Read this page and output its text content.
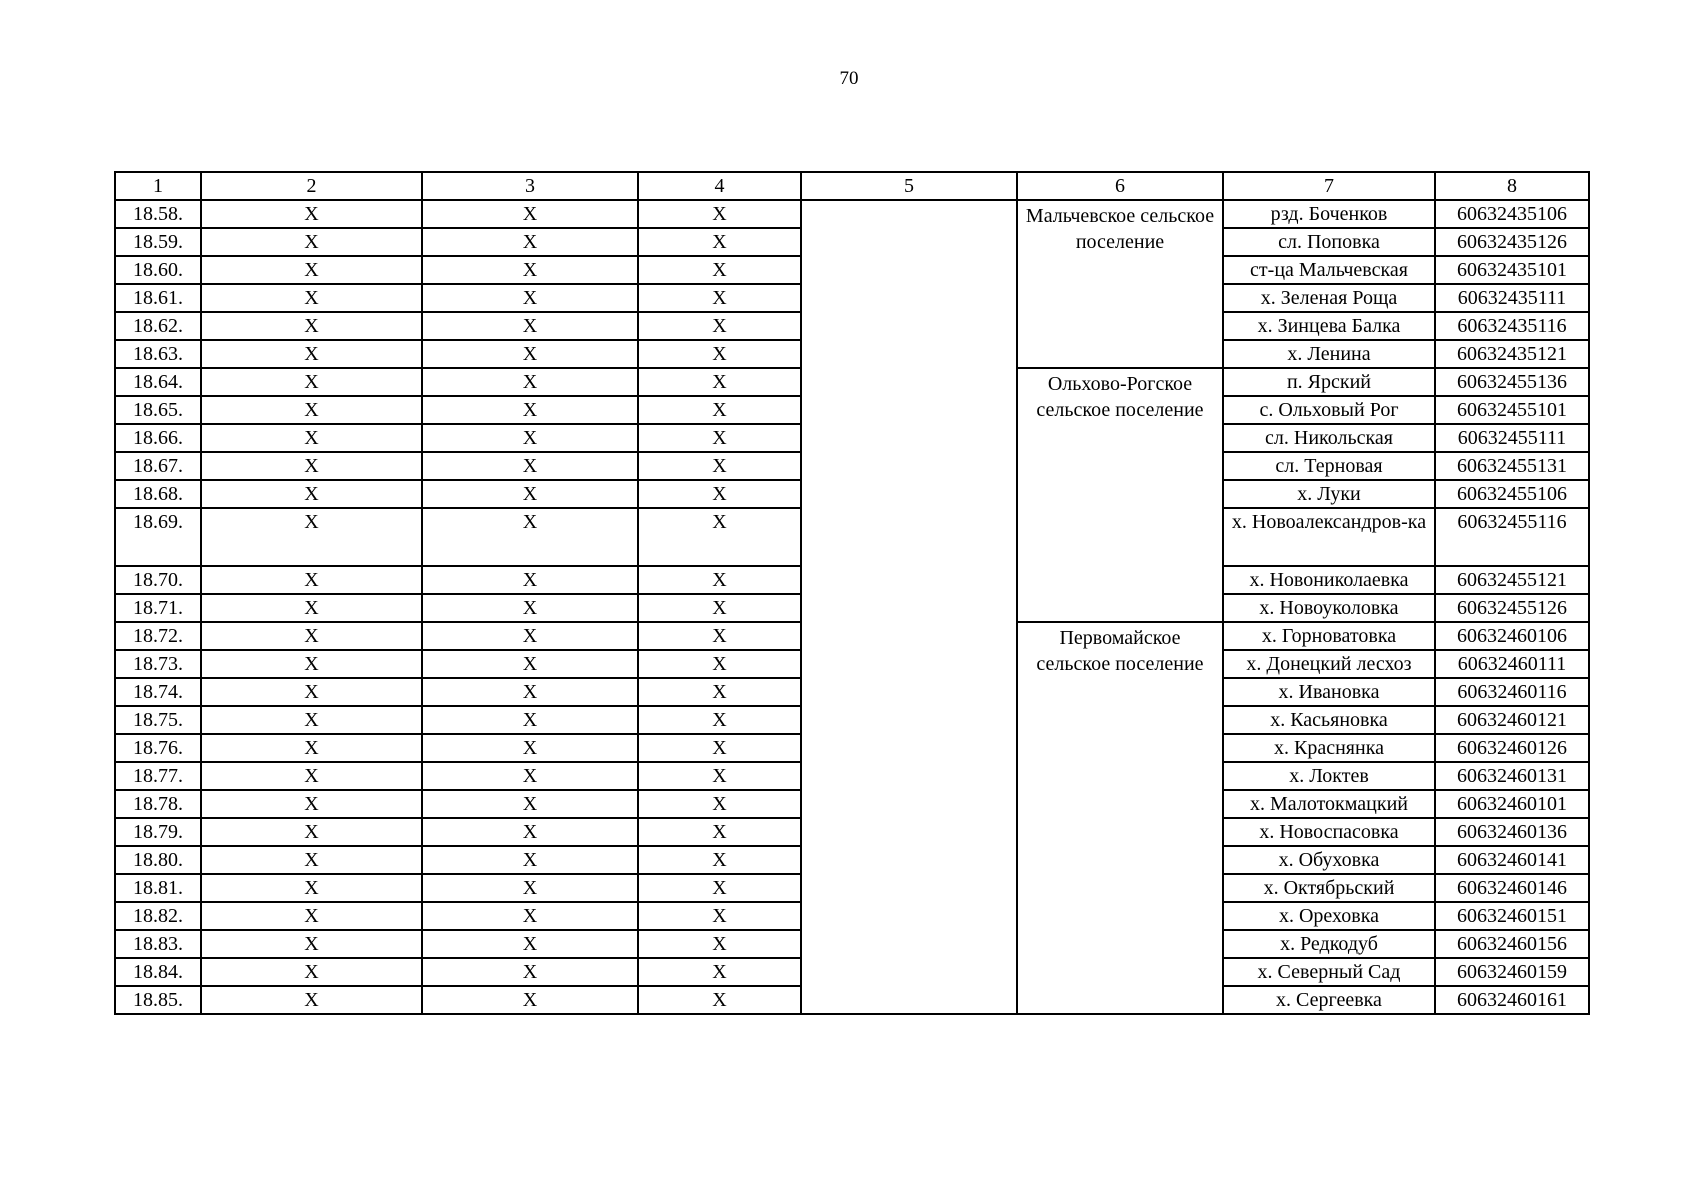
70
1	2	3	4	5	6	7	8
18.58.	X	X	X		Мальчевское сельское поселение	рзд. Боченков	60632435106
18.59.	X	X	X			сл. Поповка	60632435126
18.60.	X	X	X			ст-ца Мальчевская	60632435101
18.61.	X	X	X			х. Зеленая Роща	60632435111
18.62.	X	X	X			х. Зинцева Балка	60632435116
18.63.	X	X	X			х. Ленина	60632435121
18.64.	X	X	X		Ольхово-Рогское сельское поселение	п. Ярский	60632455136
18.65.	X	X	X			с. Ольховый Рог	60632455101
18.66.	X	X	X			сл. Никольская	60632455111
18.67.	X	X	X			сл. Терновая	60632455131
18.68.	X	X	X			х. Луки	60632455106
18.69.	X	X	X			х. Новоалександров-ка	60632455116
18.70.	X	X	X			х. Новониколаевка	60632455121
18.71.	X	X	X			х. Новоуколовка	60632455126
18.72.	X	X	X		Первомайское сельское поселение	х. Горноватовка	60632460106
18.73.	X	X	X			х. Донецкий лесхоз	60632460111
18.74.	X	X	X			х. Ивановка	60632460116
18.75.	X	X	X			х. Касьяновка	60632460121
18.76.	X	X	X			х. Краснянка	60632460126
18.77.	X	X	X			х. Локтев	60632460131
18.78.	X	X	X			х. Малотокмацкий	60632460101
18.79.	X	X	X			х. Новоспасовка	60632460136
18.80.	X	X	X			х. Обуховка	60632460141
18.81.	X	X	X			х. Октябрьский	60632460146
18.82.	X	X	X			х. Ореховка	60632460151
18.83.	X	X	X			х. Редкодуб	60632460156
18.84.	X	X	X			х. Северный Сад	60632460159
18.85.	X	X	X			х. Сергеевка	60632460161
